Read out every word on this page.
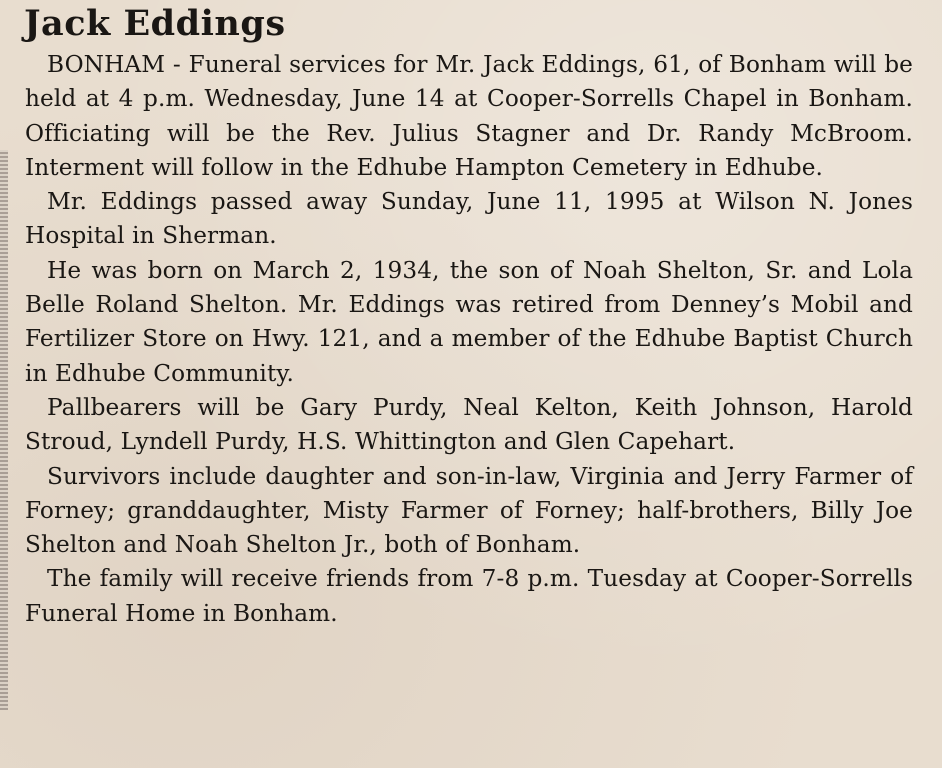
Jack Eddings

BONHAM - Funeral services for Mr. Jack Eddings, 61, of Bonham will be held at 4 p.m. Wednesday, June 14 at Cooper-Sorrells Chapel in Bonham. Officiating will be the Rev. Julius Stagner and Dr. Randy McBroom. Interment will follow in the Edhube Hampton Cemetery in Edhube.

Mr. Eddings passed away Sunday, June 11, 1995 at Wilson N. Jones Hospital in Sherman.

He was born on March 2, 1934, the son of Noah Shelton, Sr. and Lola Belle Roland Shelton. Mr. Eddings was retired from Denney’s Mobil and Fertilizer Store on Hwy. 121, and a member of the Edhube Baptist Church in Edhube Community.

Pallbearers will be Gary Purdy, Neal Kelton, Keith Johnson, Harold Stroud, Lyndell Purdy, H.S. Whittington and Glen Capehart.

Survivors include daughter and son-in-law, Virginia and Jerry Farmer of Forney; granddaughter, Misty Farmer of Forney; half-brothers, Billy Joe Shelton and Noah Shelton Jr., both of Bonham.

The family will receive friends from 7-8 p.m. Tuesday at Cooper-Sorrells Funeral Home in Bonham.
